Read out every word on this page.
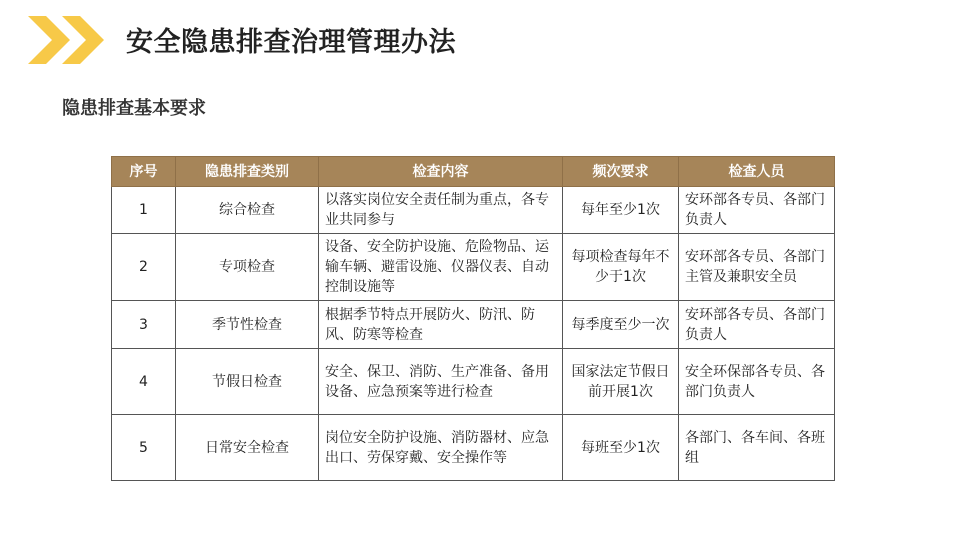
安全隐患排查治理管理办法
隐患排查基本要求
序号	隐患排查类别	检查内容	频次要求	检查人员
1	综合检查	以落实岗位安全责任制为重点，各专业共同参与	每年至少1次	安环部各专员、各部门负责人
2	专项检查	设备、安全防护设施、危险物品、运输车辆、避雷设施、仪器仪表、自动控制设施等	每项检查每年不少于1次	安环部各专员、各部门主管及兼职安全员
3	季节性检查	根据季节特点开展防火、防汛、防风、防寒等检查	每季度至少一次	安环部各专员、各部门负责人
4	节假日检查	安全、保卫、消防、生产准备、备用设备、应急预案等进行检查	国家法定节假日前开展1次	安全环保部各专员、各部门负责人
5	日常安全检查	岗位安全防护设施、消防器材、应急出口、劳保穿戴、安全操作等	每班至少1次	各部门、各车间、各班组
